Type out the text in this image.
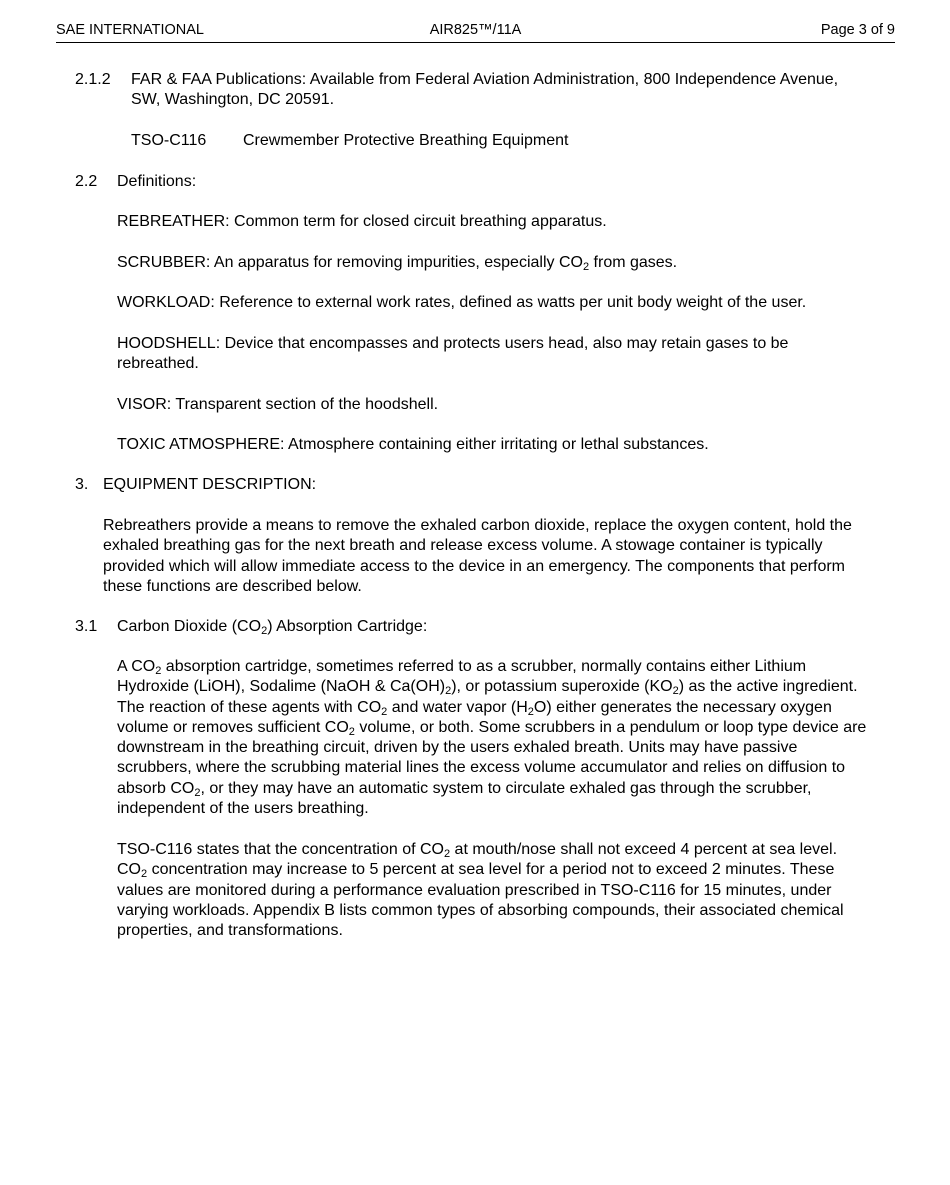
SAE INTERNATIONAL	AIR825™/11A	Page 3 of 9
2.1.2 FAR & FAA Publications: Available from Federal Aviation Administration, 800 Independence Avenue, SW, Washington, DC 20591.

TSO-C116 Crewmember Protective Breathing Equipment
2.2 Definitions:

REBREATHER: Common term for closed circuit breathing apparatus.

SCRUBBER: An apparatus for removing impurities, especially $CO_2$ from gases.

WORKLOAD: Reference to external work rates, defined as watts per unit body weight of the user.

HOODSHELL: Device that encompasses and protects users head, also may retain gases to be rebreathed.

VISOR: Transparent section of the hoodshell.

TOXIC ATMOSPHERE: Atmosphere containing either irritating or lethal substances.

3. EQUIPMENT DESCRIPTION:

Rebreathers provide a means to remove the exhaled carbon dioxide, replace the oxygen content, hold the exhaled breathing gas for the next breath and release excess volume. A stowage container is typically provided which will allow immediate access to the device in an emergency. The components that perform these functions are described below.

3.1 Carbon Dioxide $(CO_2)$ Absorption Cartridge:

A $CO_2$ absorption cartridge, sometimes referred to as a scrubber, normally contains either Lithium Hydroxide (LiOH), Sodalime (NaOH & $Ca(OH)_2$), or potassium superoxide $(KO_2)$ as the active ingredient. The reaction of these agents with $CO_2$ and water vapor $(H_2O)$ either generates the necessary oxygen volume or removes sufficient $CO_2$ volume, or both. Some scrubbers in a pendulum or loop type device are downstream in the breathing circuit, driven by the users exhaled breath. Units may have passive scrubbers, where the scrubbing material lines the excess volume accumulator and relies on diffusion to absorb $CO_2$, or they may have an automatic system to circulate exhaled gas through the scrubber, independent of the users breathing.

TSO-C116 states that the concentration of $CO_2$ at mouth/nose shall not exceed 4 percent at sea level. $CO_2$ concentration may increase to 5 percent at sea level for a period not to exceed 2 minutes. These values are monitored during a performance evaluation prescribed in TSO-C116 for 15 minutes, under varying workloads. Appendix B lists common types of absorbing compounds, their associated chemical properties, and transformations.
